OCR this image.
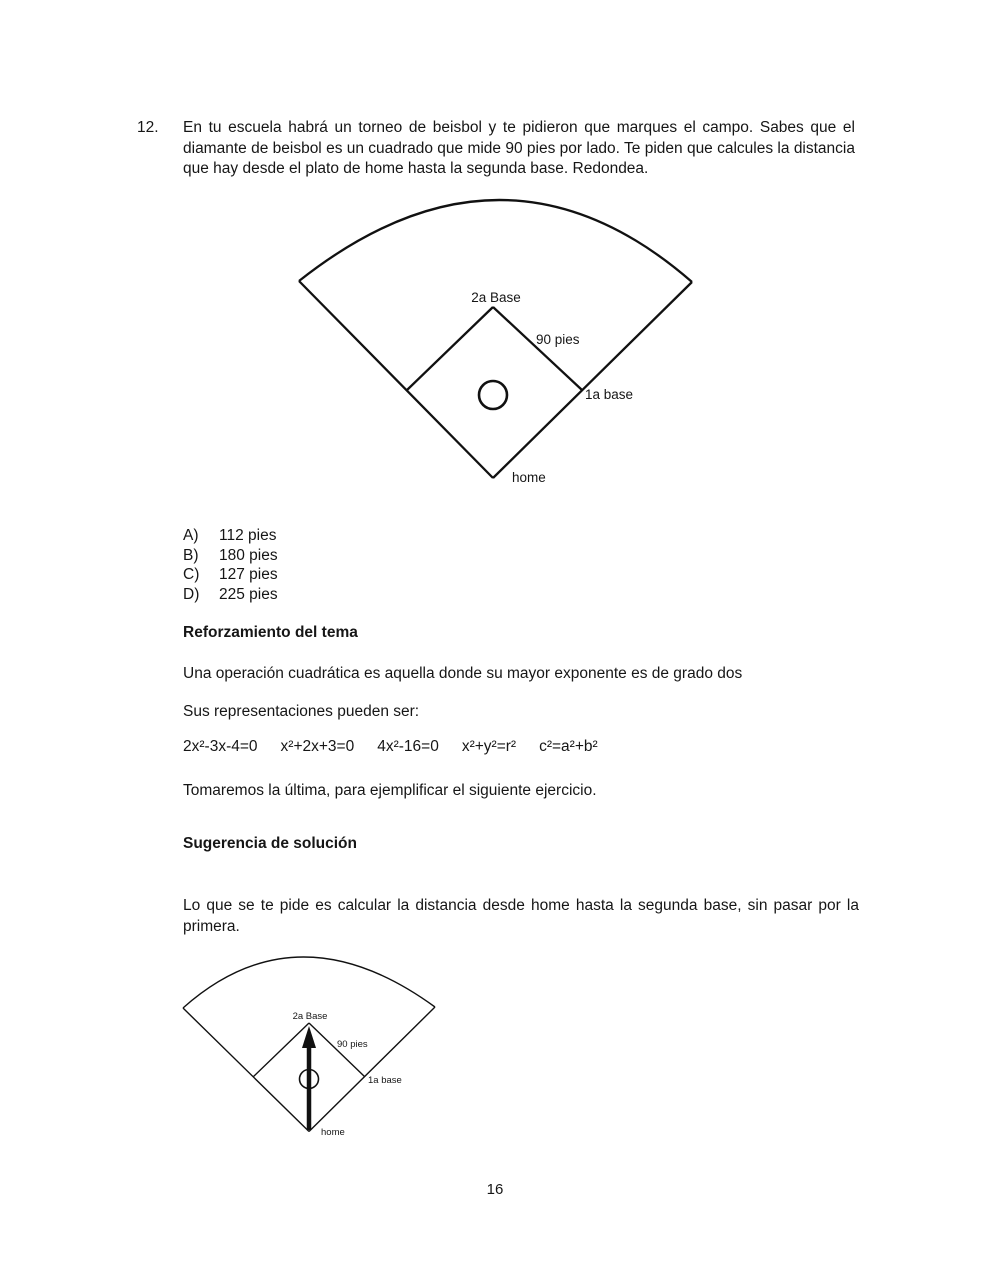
12. En tu escuela habrá un torneo de beisbol y te pidieron que marques el campo. Sabes que el diamante de beisbol es un cuadrado que mide 90 pies por lado. Te piden que calcules la distancia que hay desde el plato de home hasta la segunda base. Redondea.
2a Base
90 pies
1a base
home
A)	112 pies
B)	180 pies
C)	127 pies
D)	225 pies
Reforzamiento del tema
Una operación cuadrática es aquella donde su mayor exponente es de grado dos
Sus representaciones pueden ser:
2x²-3x-4=0 x²+2x+3=0 4x²-16=0 x²+y²=r² c²=a²+b²
Tomaremos la última, para ejemplificar el siguiente ejercicio.
Sugerencia de solución
Lo que se te pide es calcular la distancia desde home hasta la segunda base, sin pasar por la primera.
2a Base
90 pies
1a base
home
16
